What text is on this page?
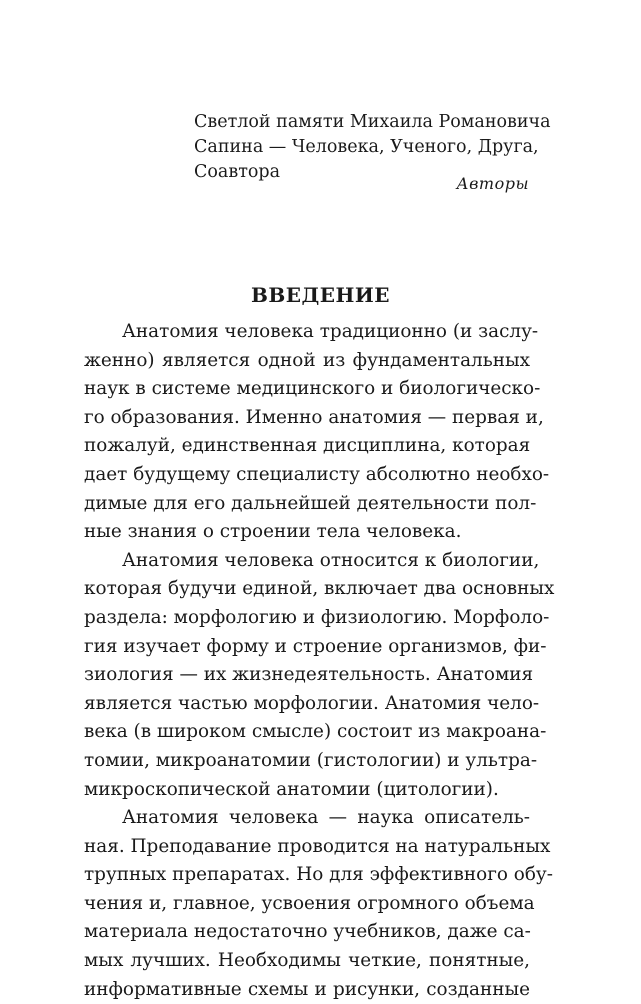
Светлой памяти Михаила Романовича
Сапина — Человека, Ученого, Друга,
Соавтора
Авторы
ВВЕДЕНИЕ
Анатомия человека традиционно (и заслу-
женно) является одной из фундаментальных
наук в системе медицинского и биологическо-
го образования. Именно анатомия — первая и,
пожалуй, единственная дисциплина, которая
дает будущему специалисту абсолютно необхо-
димые для его дальнейшей деятельности пол-
ные знания о строении тела человека.
Анатомия человека относится к биологии,
которая будучи единой, включает два основных
раздела: морфологию и физиологию. Морфоло-
гия изучает форму и строение организмов, фи-
зиология — их жизнедеятельность. Анатомия
является частью морфологии. Анатомия чело-
века (в широком смысле) состоит из макроана-
томии, микроанатомии (гистологии) и ультра-
микроскопической анатомии (цитологии).
Анатомия человека — наука описатель-
ная. Преподавание проводится на натуральных
трупных препаратах. Но для эффективного обу-
чения и, главное, усвоения огромного объема
материала недостаточно учебников, даже са-
мых лучших. Необходимы четкие, понятные,
информативные схемы и рисунки, созданные
